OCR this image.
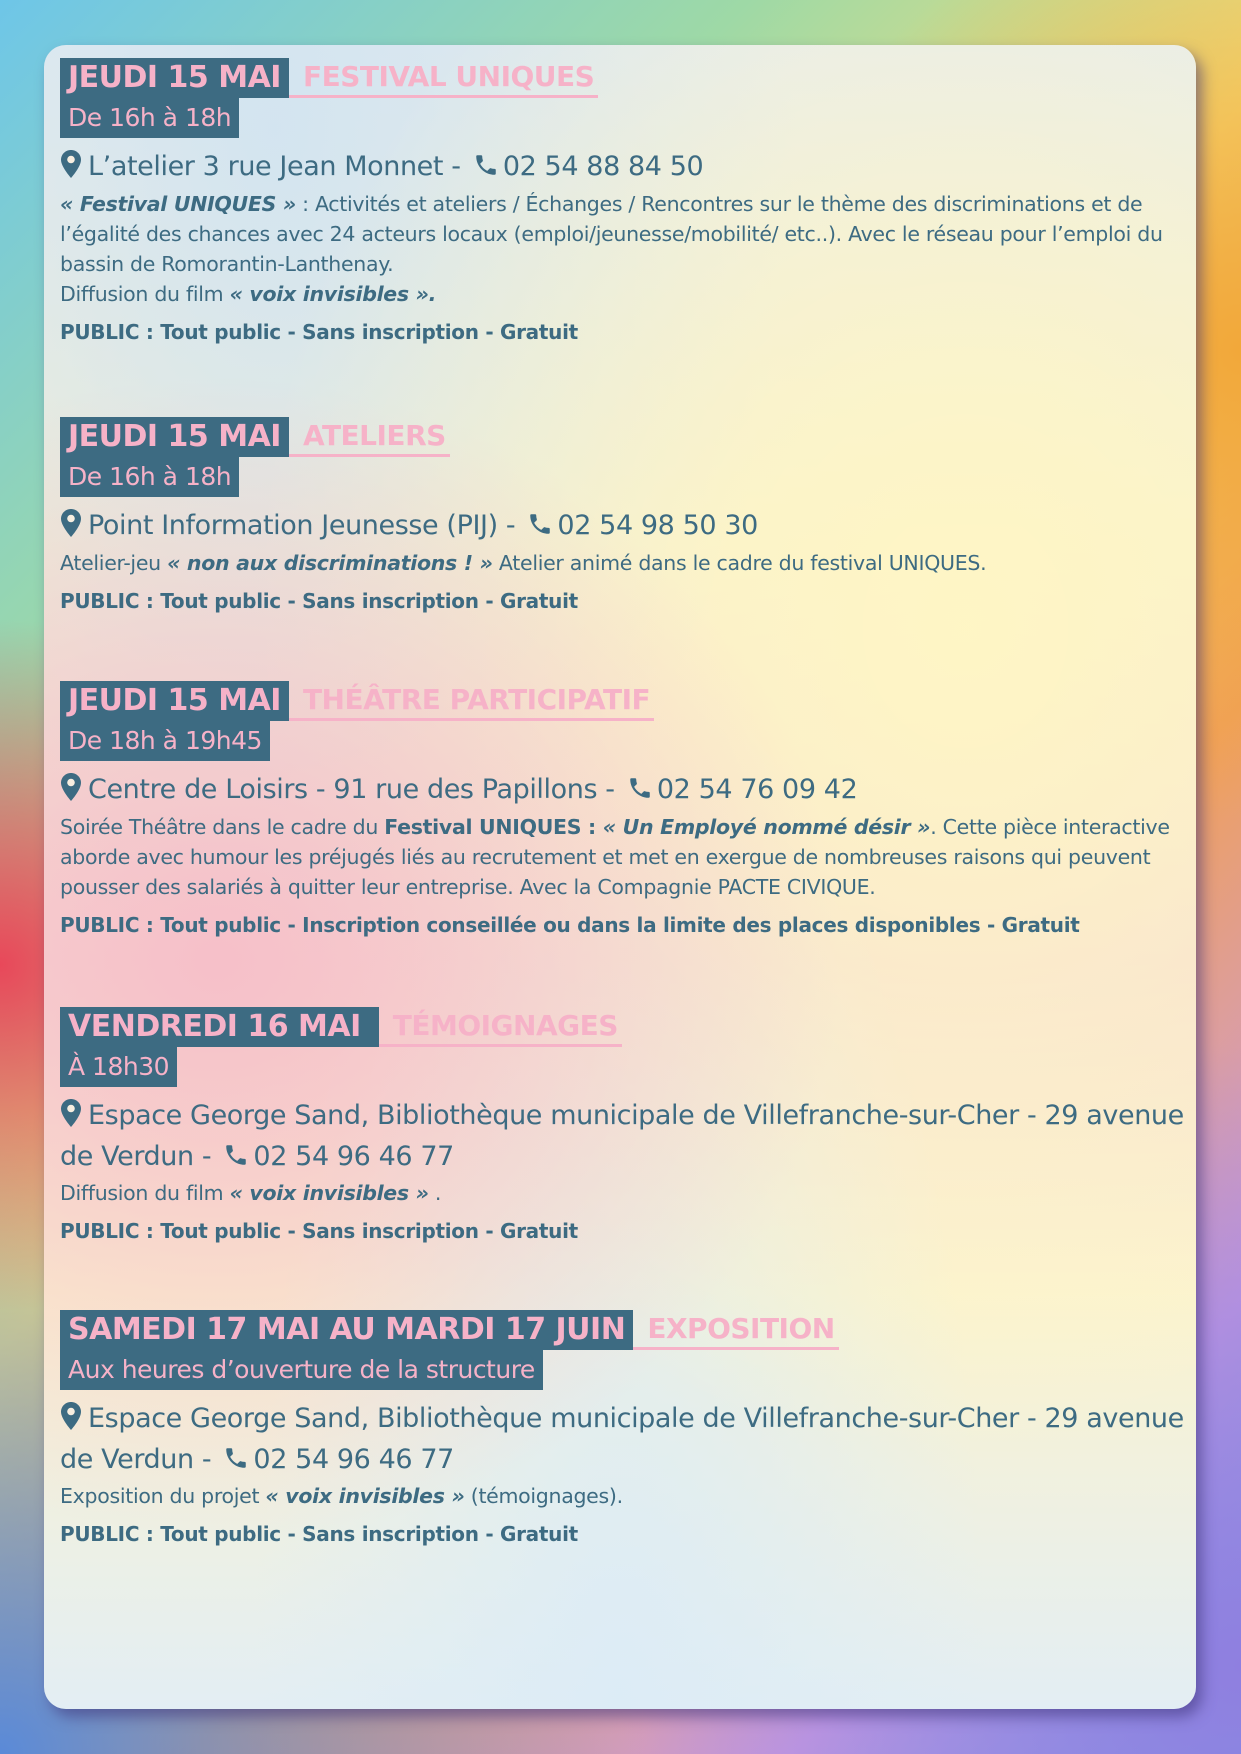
JEUDI 15 MAI FESTIVAL UNIQUES
De 16h à 18h
L’atelier 3 rue Jean Monnet - 02 54 88 84 50
« Festival UNIQUES » : Activités et ateliers / Échanges / Rencontres sur le thème des discriminations et de l’égalité des chances avec 24 acteurs locaux (emploi/jeunesse/mobilité/ etc..). Avec le réseau pour l’emploi du bassin de Romorantin-Lanthenay.
Diffusion du film « voix invisibles ».
PUBLIC : Tout public - Sans inscription - Gratuit
JEUDI 15 MAI ATELIERS
De 16h à 18h
Point Information Jeunesse (PIJ) - 02 54 98 50 30
Atelier-jeu « non aux discriminations ! » Atelier animé dans le cadre du festival UNIQUES.
PUBLIC : Tout public - Sans inscription - Gratuit
JEUDI 15 MAI THÉÂTRE PARTICIPATIF
De 18h à 19h45
Centre de Loisirs - 91 rue des Papillons - 02 54 76 09 42
Soirée Théâtre dans le cadre du Festival UNIQUES : « Un Employé nommé désir ». Cette pièce interactive aborde avec humour les préjugés liés au recrutement et met en exergue de nombreuses raisons qui peuvent pousser des salariés à quitter leur entreprise. Avec la Compagnie PACTE CIVIQUE.
PUBLIC : Tout public - Inscription conseillée ou dans la limite des places disponibles - Gratuit
VENDREDI 16 MAI	TÉMOIGNAGES
À 18h30
Espace George Sand, Bibliothèque municipale de Villefranche-sur-Cher - 29 avenue de Verdun - 02 54 96 46 77
Diffusion du film « voix invisibles » .
PUBLIC : Tout public - Sans inscription - Gratuit
SAMEDI 17 MAI AU MARDI 17 JUIN EXPOSITION
Aux heures d’ouverture de la structure
Espace George Sand, Bibliothèque municipale de Villefranche-sur-Cher - 29 avenue de Verdun - 02 54 96 46 77
Exposition du projet « voix invisibles » (témoignages).
PUBLIC : Tout public - Sans inscription - Gratuit
